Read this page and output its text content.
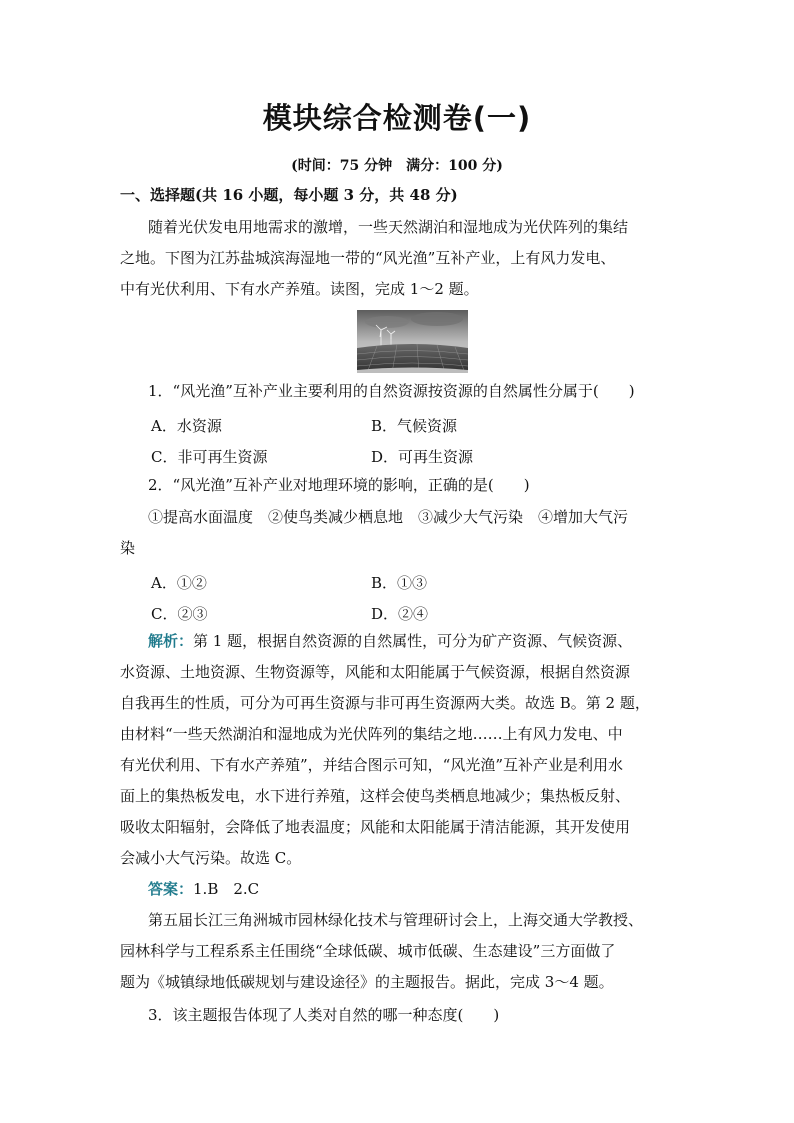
模块综合检测卷(一)
(时间：75 分钟　满分：100 分)
一、选择题(共 16 小题，每小题 3 分，共 48 分)
随着光伏发电用地需求的激增，一些天然湖泊和湿地成为光伏阵列的集结
之地。下图为江苏盐城滨海湿地一带的“风光渔”互补产业，上有风力发电、
中有光伏利用、下有水产养殖。读图，完成 1～2 题。
1．“风光渔”互补产业主要利用的自然资源按资源的自然属性分属于(　　)
A．水资源	B．气候资源
C．非可再生资源	D．可再生资源
2．“风光渔”互补产业对地理环境的影响，正确的是(　　)
①提高水面温度　②使鸟类减少栖息地　③减少大气污染　④增加大气污
染
A．①②	B．①③
C．②③	D．②④
解析：第 1 题，根据自然资源的自然属性，可分为矿产资源、气候资源、
水资源、土地资源、生物资源等，风能和太阳能属于气候资源，根据自然资源
自我再生的性质，可分为可再生资源与非可再生资源两大类。故选 B。第 2 题，
由材料“一些天然湖泊和湿地成为光伏阵列的集结之地……上有风力发电、中
有光伏利用、下有水产养殖”，并结合图示可知，“风光渔”互补产业是利用水
面上的集热板发电，水下进行养殖，这样会使鸟类栖息地减少；集热板反射、
吸收太阳辐射，会降低了地表温度；风能和太阳能属于清洁能源，其开发使用
会减小大气污染。故选 C。
答案：1.B　2.C
第五届长江三角洲城市园林绿化技术与管理研讨会上，上海交通大学教授、
园林科学与工程系系主任围绕“全球低碳、城市低碳、生态建设”三方面做了
题为《城镇绿地低碳规划与建设途径》的主题报告。据此，完成 3～4 题。
3．该主题报告体现了人类对自然的哪一种态度(　　)
